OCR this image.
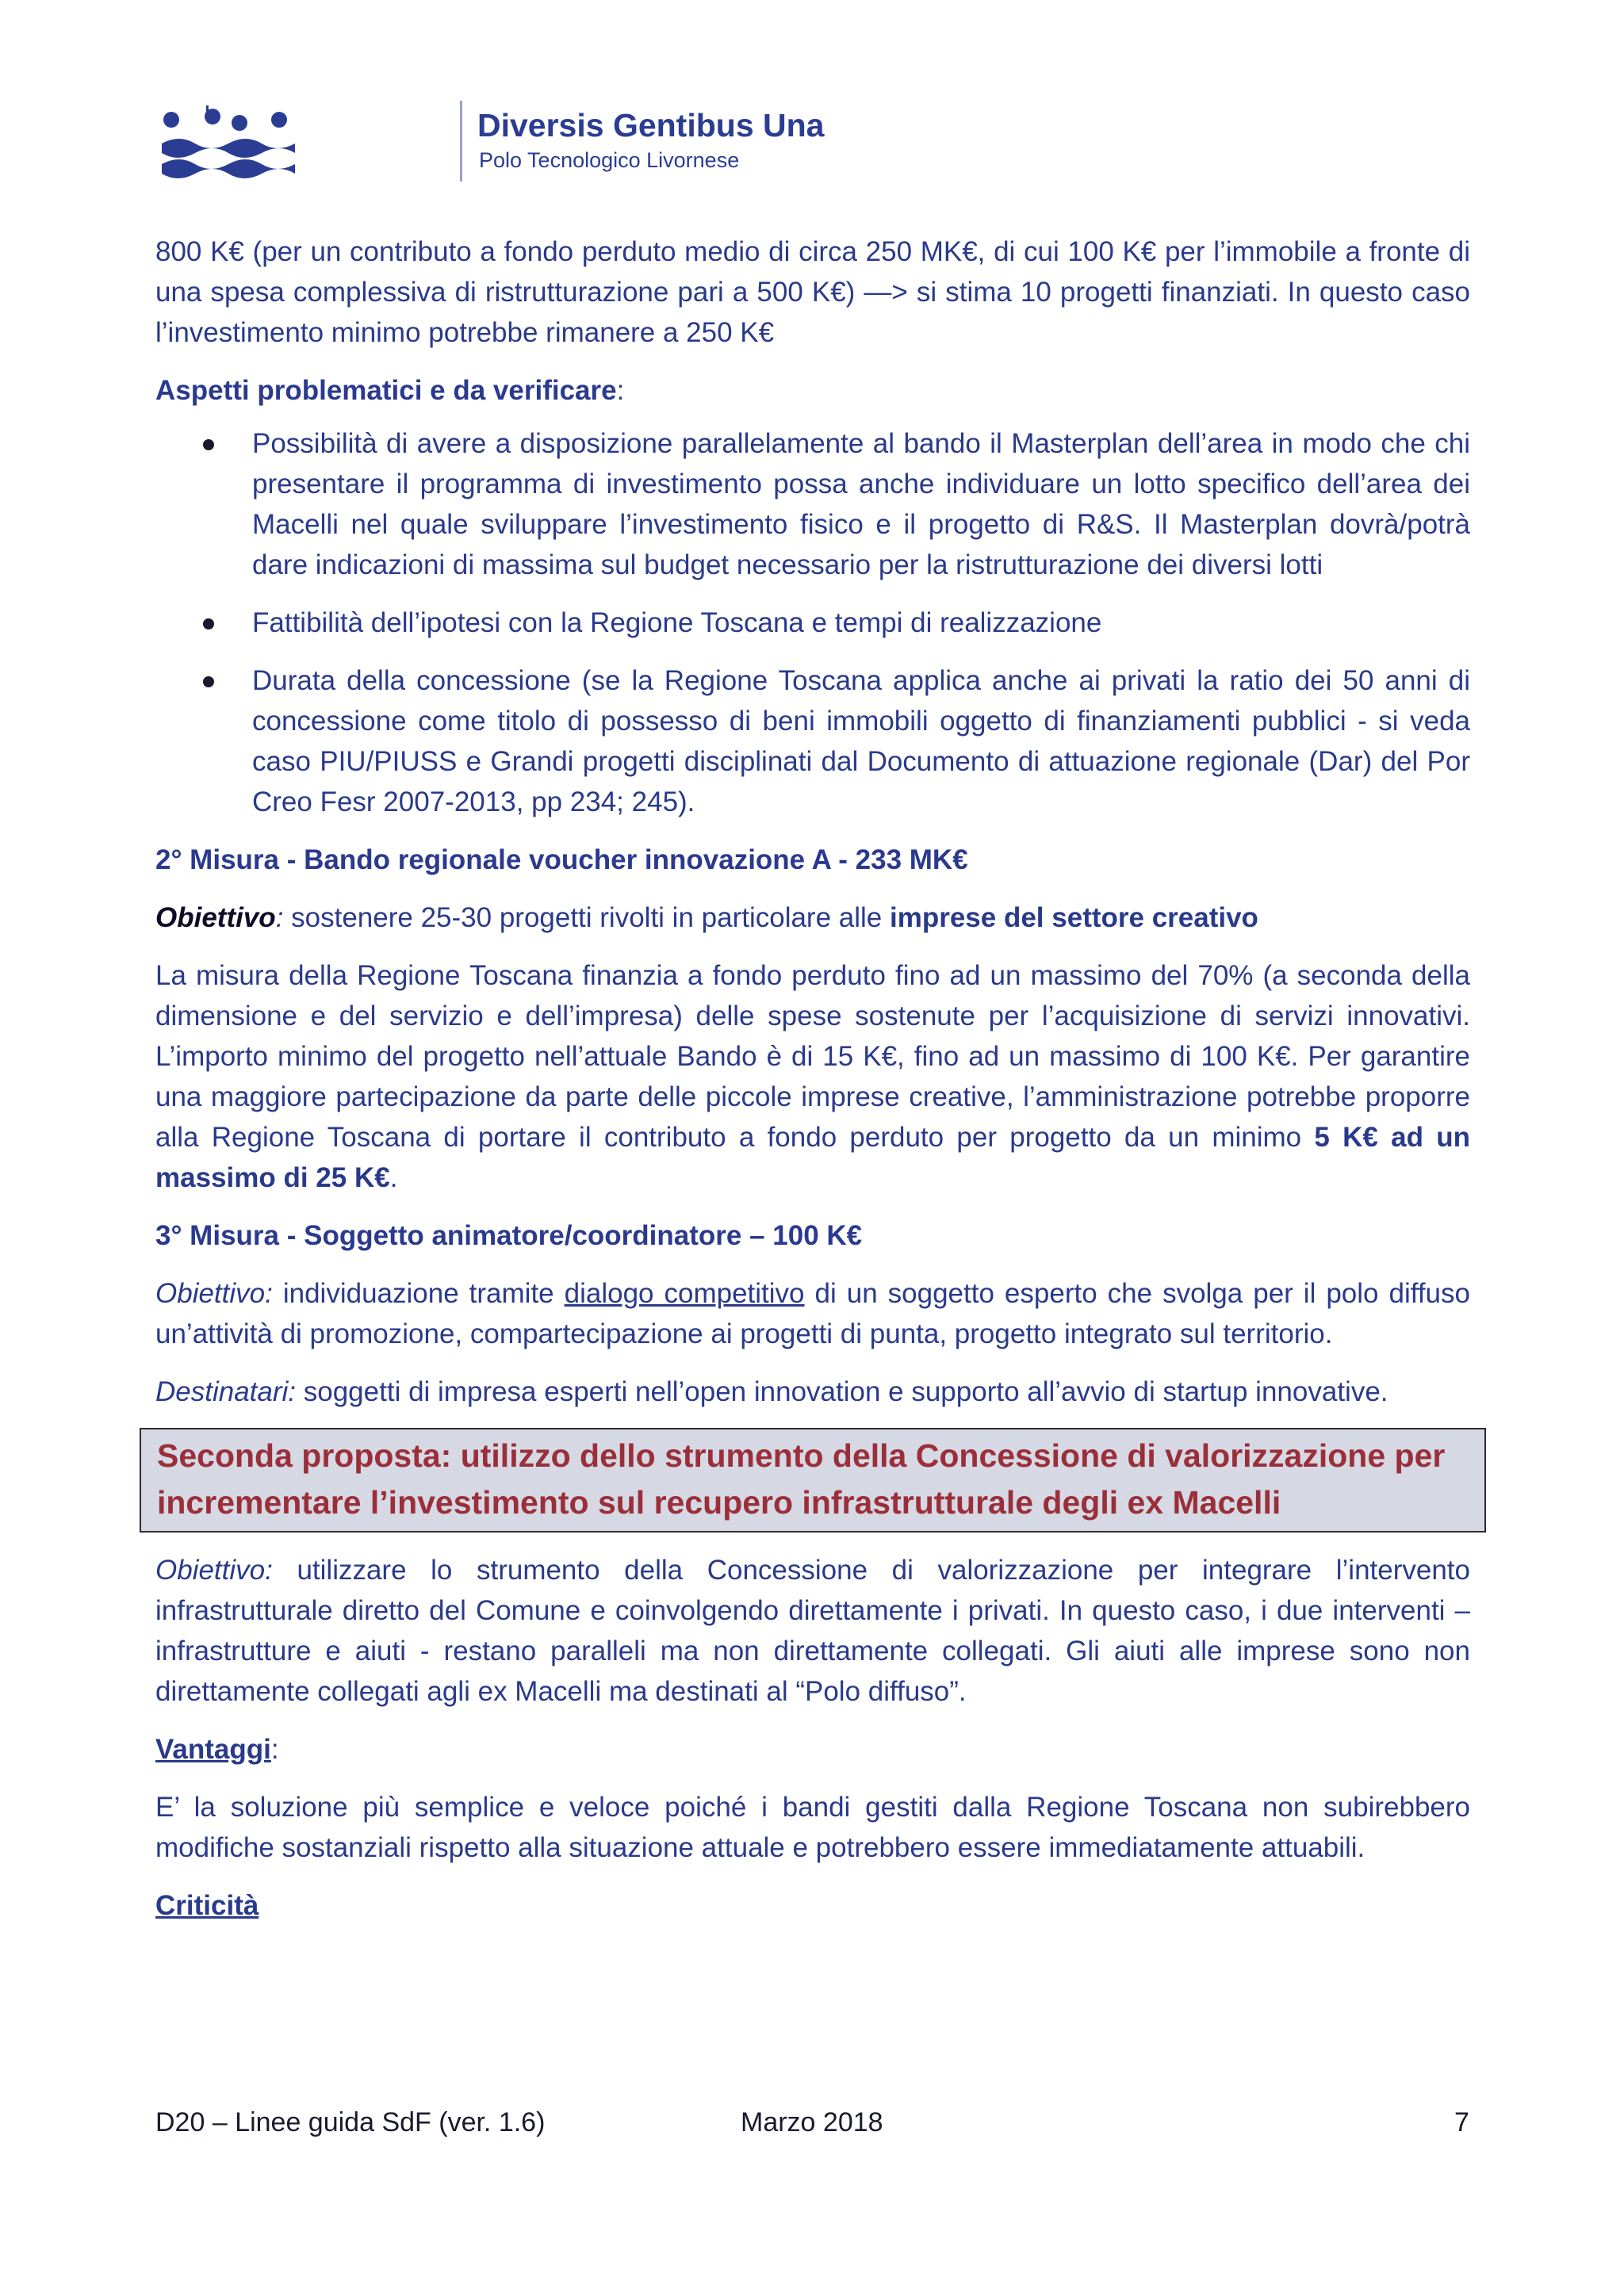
Diversis Gentibus Una
Polo Tecnologico Livornese

800 K€ (per un contributo a fondo perduto medio di circa 250 MK€, di cui 100 K€ per l’immobile a fronte di una spesa complessiva di ristrutturazione pari a 500 K€) —> si stima 10 progetti finanziati. In questo caso l’investimento minimo potrebbe rimanere a 250 K€

Aspetti problematici e da verificare:

Possibilità di avere a disposizione parallelamente al bando il Masterplan dell’area in modo che chi presentare il programma di investimento possa anche individuare un lotto specifico dell’area dei Macelli nel quale sviluppare l’investimento fisico e il progetto di R&S. Il Masterplan dovrà/potrà dare indicazioni di massima sul budget necessario per la ristrutturazione dei diversi lotti
Fattibilità dell’ipotesi con la Regione Toscana e tempi di realizzazione
Durata della concessione (se la Regione Toscana applica anche ai privati la ratio dei 50 anni di concessione come titolo di possesso di beni immobili oggetto di finanziamenti pubblici - si veda caso PIU/PIUSS e Grandi progetti disciplinati dal Documento di attuazione regionale (Dar) del Por Creo Fesr 2007-2013, pp 234; 245).

2° Misura - Bando regionale voucher innovazione A - 233 MK€

Obiettivo: sostenere 25-30 progetti rivolti in particolare alle imprese del settore creativo

La misura della Regione Toscana finanzia a fondo perduto fino ad un massimo del 70% (a seconda della dimensione e del servizio e dell’impresa) delle spese sostenute per l’acquisizione di servizi innovativi. L’importo minimo del progetto nell’attuale Bando è di 15 K€, fino ad un massimo di 100 K€. Per garantire una maggiore partecipazione da parte delle piccole imprese creative, l’amministrazione potrebbe proporre alla Regione Toscana di portare il contributo a fondo perduto per progetto da un minimo 5 K€ ad un massimo di 25 K€.

3° Misura - Soggetto animatore/coordinatore – 100 K€

Obiettivo: individuazione tramite dialogo competitivo di un soggetto esperto che svolga per il polo diffuso un’attività di promozione, compartecipazione ai progetti di punta, progetto integrato sul territorio.

Destinatari: soggetti di impresa esperti nell’open innovation e supporto all’avvio di startup innovative.

Seconda proposta: utilizzo dello strumento della Concessione di valorizzazione per incrementare l’investimento sul recupero infrastrutturale degli ex Macelli

Obiettivo: utilizzare lo strumento della Concessione di valorizzazione per integrare l’intervento infrastrutturale diretto del Comune e coinvolgendo direttamente i privati. In questo caso, i due interventi – infrastrutture e aiuti - restano paralleli ma non direttamente collegati. Gli aiuti alle imprese sono non direttamente collegati agli ex Macelli ma destinati al “Polo diffuso”.

Vantaggi:

E’ la soluzione più semplice e veloce poiché i bandi gestiti dalla Regione Toscana non subirebbero modifiche sostanziali rispetto alla situazione attuale e potrebbero essere immediatamente attuabili.

Criticità

D20 – Linee guida SdF (ver. 1.6)	Marzo 2018	7
